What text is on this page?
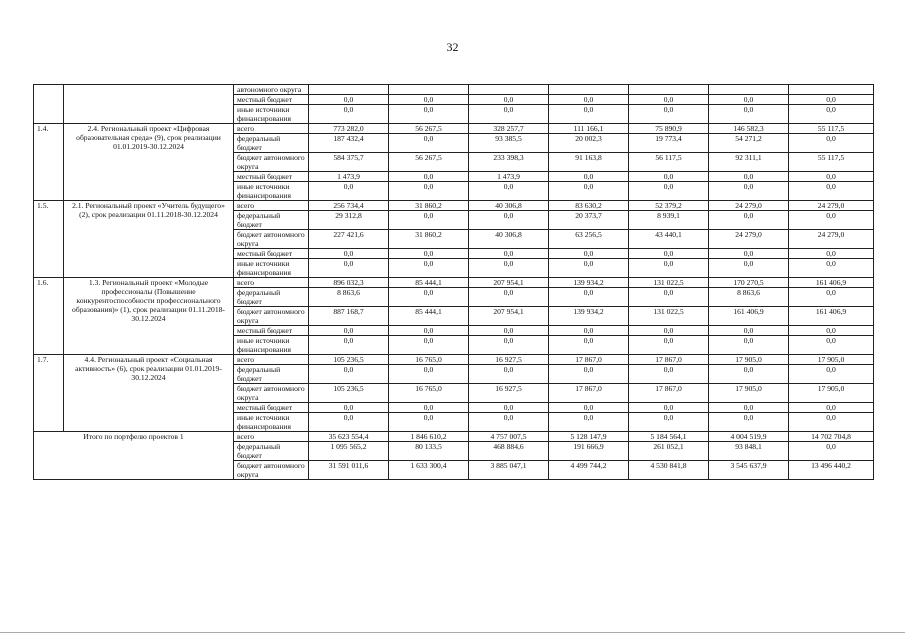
32
		автономного округа							
		местный бюджет	0,0	0,0	0,0	0,0	0,0	0,0	0,0
		иные источники финансирования	0,0	0,0	0,0	0,0	0,0	0,0	0,0
1.4.	2.4. Региональный проект «Цифровая образовательная среда» (9), срок реализации 01.01.2019-30.12.2024	всего	773 282,0	56 267,5	328 257,7	111 166,1	75 890,9	146 582,3	55 117,5
		федеральный бюджет	187 432,4	0,0	93 385,5	20 002,3	19 773,4	54 271,2	0,0
		бюджет автономного округа	584 375,7	56 267,5	233 398,3	91 163,8	56 117,5	92 311,1	55 117,5
		местный бюджет	1 473,9	0,0	1 473,9	0,0	0,0	0,0	0,0
		иные источники финансирования	0,0	0,0	0,0	0,0	0,0	0,0	0,0
1.5.	2.1. Региональный проект «Учитель будущего» (2), срок реализации 01.11.2018-30.12.2024	всего	256 734,4	31 860,2	40 306,8	83 630,2	52 379,2	24 279,0	24 279,0
		федеральный бюджет	29 312,8	0,0	0,0	20 373,7	8 939,1	0,0	0,0
		бюджет автономного округа	227 421,6	31 860,2	40 306,8	63 256,5	43 440,1	24 279,0	24 279,0
		местный бюджет	0,0	0,0	0,0	0,0	0,0	0,0	0,0
		иные источники финансирования	0,0	0,0	0,0	0,0	0,0	0,0	0,0
1.6.	1.3. Региональный проект «Молодые профессионалы (Повышение конкурентоспособности профессионального образования)» (1), срок реализации 01.11.2018-30.12.2024	всего	896 032,3	85 444,1	207 954,1	139 934,2	131 022,5	170 270,5	161 406,9
		федеральный бюджет	8 863,6	0,0	0,0	0,0	0,0	8 863,6	0,0
		бюджет автономного округа	887 168,7	85 444,1	207 954,1	139 934,2	131 022,5	161 406,9	161 406,9
		местный бюджет	0,0	0,0	0,0	0,0	0,0	0,0	0,0
		иные источники финансирования	0,0	0,0	0,0	0,0	0,0	0,0	0,0
1.7.	4.4. Региональный проект «Социальная активность» (6), срок реализации 01.01.2019-30.12.2024	всего	105 236,5	16 765,0	16 927,5	17 867,0	17 867,0	17 905,0	17 905,0
		федеральный бюджет	0,0	0,0	0,0	0,0	0,0	0,0	0,0
		бюджет автономного округа	105 236,5	16 765,0	16 927,5	17 867,0	17 867,0	17 905,0	17 905,0
		местный бюджет	0,0	0,0	0,0	0,0	0,0	0,0	0,0
		иные источники финансирования	0,0	0,0	0,0	0,0	0,0	0,0	0,0
Итого по портфелю проектов 1		всего	35 623 554,4	1 846 610,2	4 757 007,5	5 128 147,9	5 184 564,1	4 004 519,9	14 702 704,8
		федеральный бюджет	1 095 565,2	80 133,5	468 884,6	191 666,9	261 052,1	93 848,1	0,0
		бюджет автономного округа	31 591 011,6	1 633 300,4	3 885 047,1	4 499 744,2	4 530 841,8	3 545 637,9	13 496 440,2
